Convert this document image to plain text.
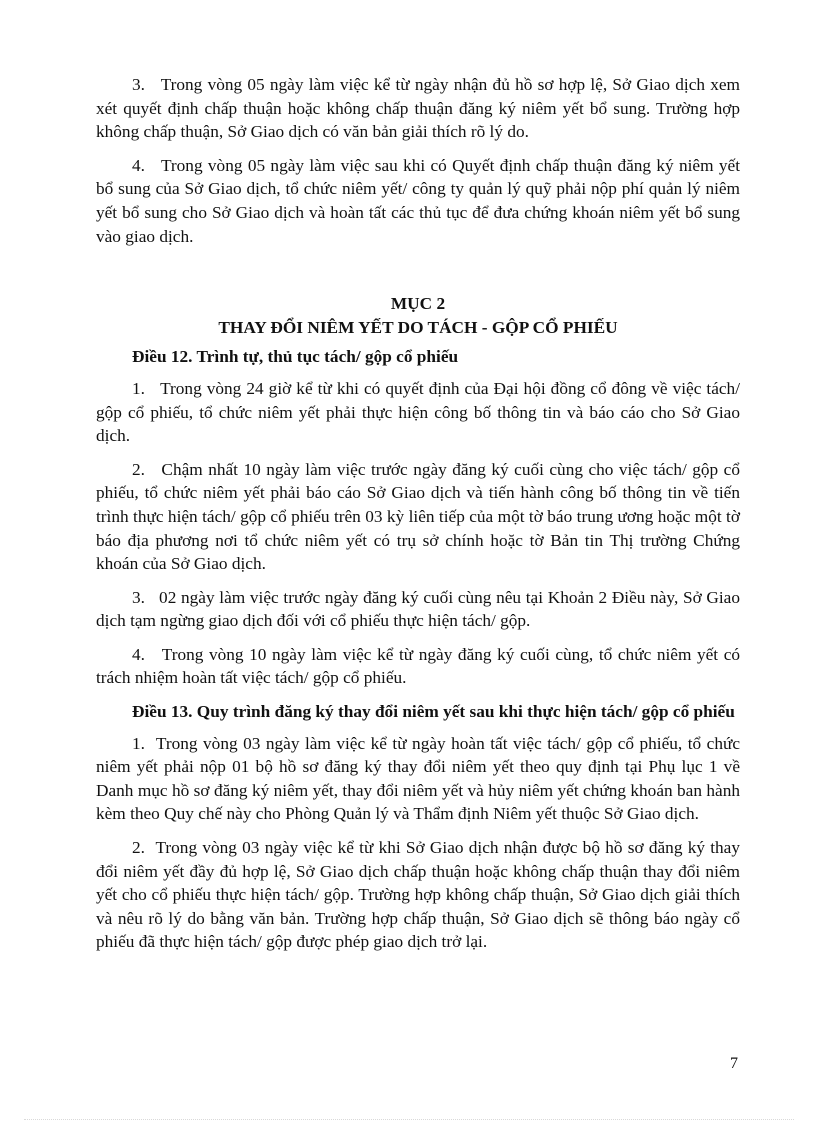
3.   Trong vòng 05 ngày làm việc kể từ ngày nhận đủ hồ sơ hợp lệ, Sở Giao dịch xem xét quyết định chấp thuận hoặc không chấp thuận đăng ký niêm yết bổ sung. Trường hợp không chấp thuận, Sở Giao dịch có văn bản giải thích rõ lý do.

4.   Trong vòng 05 ngày làm việc sau khi có Quyết định chấp thuận đăng ký niêm yết bổ sung của Sở Giao dịch, tổ chức niêm yết/ công ty quản lý quỹ phải nộp phí quản lý niêm yết bổ sung cho Sở Giao dịch và hoàn tất các thủ tục để đưa chứng khoán niêm yết bổ sung vào giao dịch.

MỤC 2
THAY ĐỔI NIÊM YẾT DO TÁCH - GỘP CỔ PHIẾU
Điều 12. Trình tự, thủ tục tách/ gộp cổ phiếu

1.   Trong vòng 24 giờ kể từ khi có quyết định của Đại hội đồng cổ đông về việc tách/ gộp cổ phiếu, tổ chức niêm yết phải thực hiện công bố thông tin và báo cáo cho Sở Giao dịch.

2.   Chậm nhất 10 ngày làm việc trước ngày đăng ký cuối cùng cho việc tách/ gộp cổ phiếu, tổ chức niêm yết phải báo cáo Sở Giao dịch và tiến hành công bố thông tin về tiến trình thực hiện tách/ gộp cổ phiếu trên 03 kỳ liên tiếp của một tờ báo trung ương hoặc một tờ báo địa phương nơi tổ chức niêm yết có trụ sở chính hoặc tờ Bản tin Thị trường Chứng khoán của Sở Giao dịch.

3.   02 ngày làm việc trước ngày đăng ký cuối cùng nêu tại Khoản 2 Điều này, Sở Giao dịch tạm ngừng giao dịch đối với cổ phiếu thực hiện tách/ gộp.

4.   Trong vòng 10 ngày làm việc kể từ ngày đăng ký cuối cùng, tổ chức niêm yết có trách nhiệm hoàn tất việc tách/ gộp cổ phiếu.

Điều 13. Quy trình đăng ký thay đổi niêm yết sau khi thực hiện tách/ gộp cổ phiếu

1.  Trong vòng 03 ngày làm việc kể từ ngày hoàn tất việc tách/ gộp cổ phiếu, tổ chức niêm yết phải nộp 01 bộ hồ sơ đăng ký thay đổi niêm yết theo quy định tại Phụ lục 1 về Danh mục hồ sơ đăng ký niêm yết, thay đổi niêm yết và hủy niêm yết chứng khoán ban hành kèm theo Quy chế này cho Phòng Quản lý và Thẩm định Niêm yết thuộc Sở Giao dịch.

2.  Trong vòng 03 ngày việc kể từ khi Sở Giao dịch nhận được bộ hồ sơ đăng ký thay đổi niêm yết đầy đủ hợp lệ, Sở Giao dịch chấp thuận hoặc không chấp thuận thay đổi niêm yết cho cổ phiếu thực hiện tách/ gộp. Trường hợp không chấp thuận, Sở Giao dịch giải thích và nêu rõ lý do bằng văn bản. Trường hợp chấp thuận, Sở Giao dịch sẽ thông báo ngày cổ phiếu đã thực hiện tách/ gộp được phép giao dịch trở lại.

7
